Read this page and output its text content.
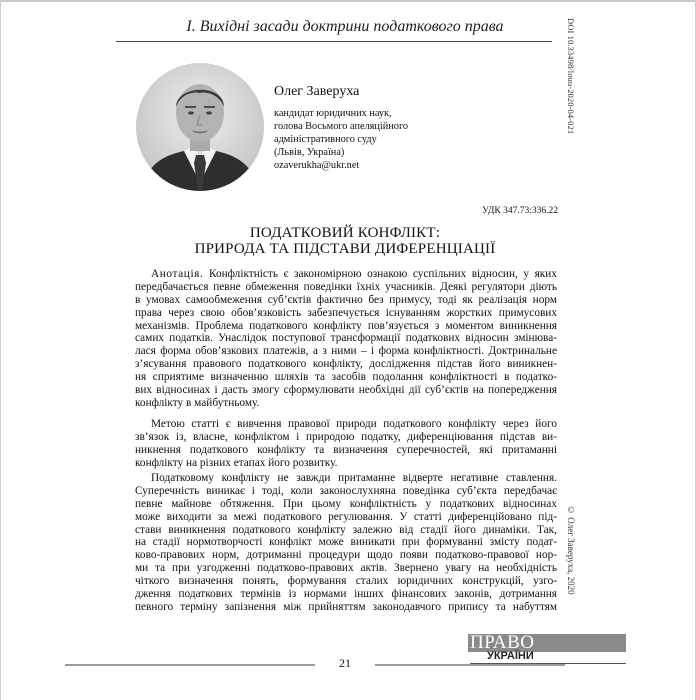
І. Вихідні засади доктрини податкового права	DOI 10.33498/louu-2020-04-021
Олег Заверуха
кандидат юридичних наук,
голова Восьмого апеляційного
адміністративного суду
(Львів, Україна)
ozaverukha@ukr.net
УДК 347.73:336.22
ПОДАТКОВИЙ КОНФЛІКТ:
ПРИРОДА ТА ПІДСТАВИ ДИФЕРЕНЦІАЦІЇ
Анотація. Конфліктність є закономірною ознакою суспільних відносин, у яких
передбачається певне обмеження поведінки їхніх учасників. Деякі регулятори діють
в умовах самообмеження суб’єктів фактично без примусу, тоді як реалізація норм
права через свою обов’язковість забезпечується існуванням жорстких примусових
механізмів. Проблема податкового конфлікту пов’язується з моментом виникнення
самих податків. Унаслідок поступової трансформації податкових відносин змінюва-
лася форма обов’язкових платежів, а з ними – і форма конфліктності. Доктринальне
з’ясування правового податкового конфлікту, дослідження підстав його виникнен-
ня сприятиме визначенню шляхів та засобів подолання конфліктності в податко-
вих відносинах і дасть змогу сформулювати необхідні дії суб’єктів на попередження
конфлікту в майбутньому.
Метою статті є вивчення правової природи податкового конфлікту через його
зв’язок із, власне, конфліктом і природою податку, диференціювання підстав ви-
никнення податкового конфлікту та визначення суперечностей, які притаманні
конфлікту на різних етапах його розвитку.
Податковому конфлікту не завжди притаманне відверте негативне ставлення.
Суперечність виникає і тоді, коли законослухняна поведінка суб’єкта передбачає
певне майнове обтяження. При цьому конфліктність у податкових відносинах
може виходити за межі податкового регулювання. У статті диференційовано під-
стави виникнення податкового конфлікту залежно від стадії його динаміки. Так,
на стадії нормотворчості конфлікт може виникати при формуванні змісту подат-
ково-правових норм, дотриманні процедури щодо появи податково-правової нор-
ми та при узгодженні податково-правових актів. Звернено увагу на необхідність
чіткого визначення понять, формування сталих юридичних конструкцій, узго-
дження податкових термінів із нормами інших фінансових законів, дотримання
певного терміну запізнення між прийняттям законодавчого припису та набуттям
© Олег Заверуха, 2020
21
ПРАВО
УКРАЇНИ
